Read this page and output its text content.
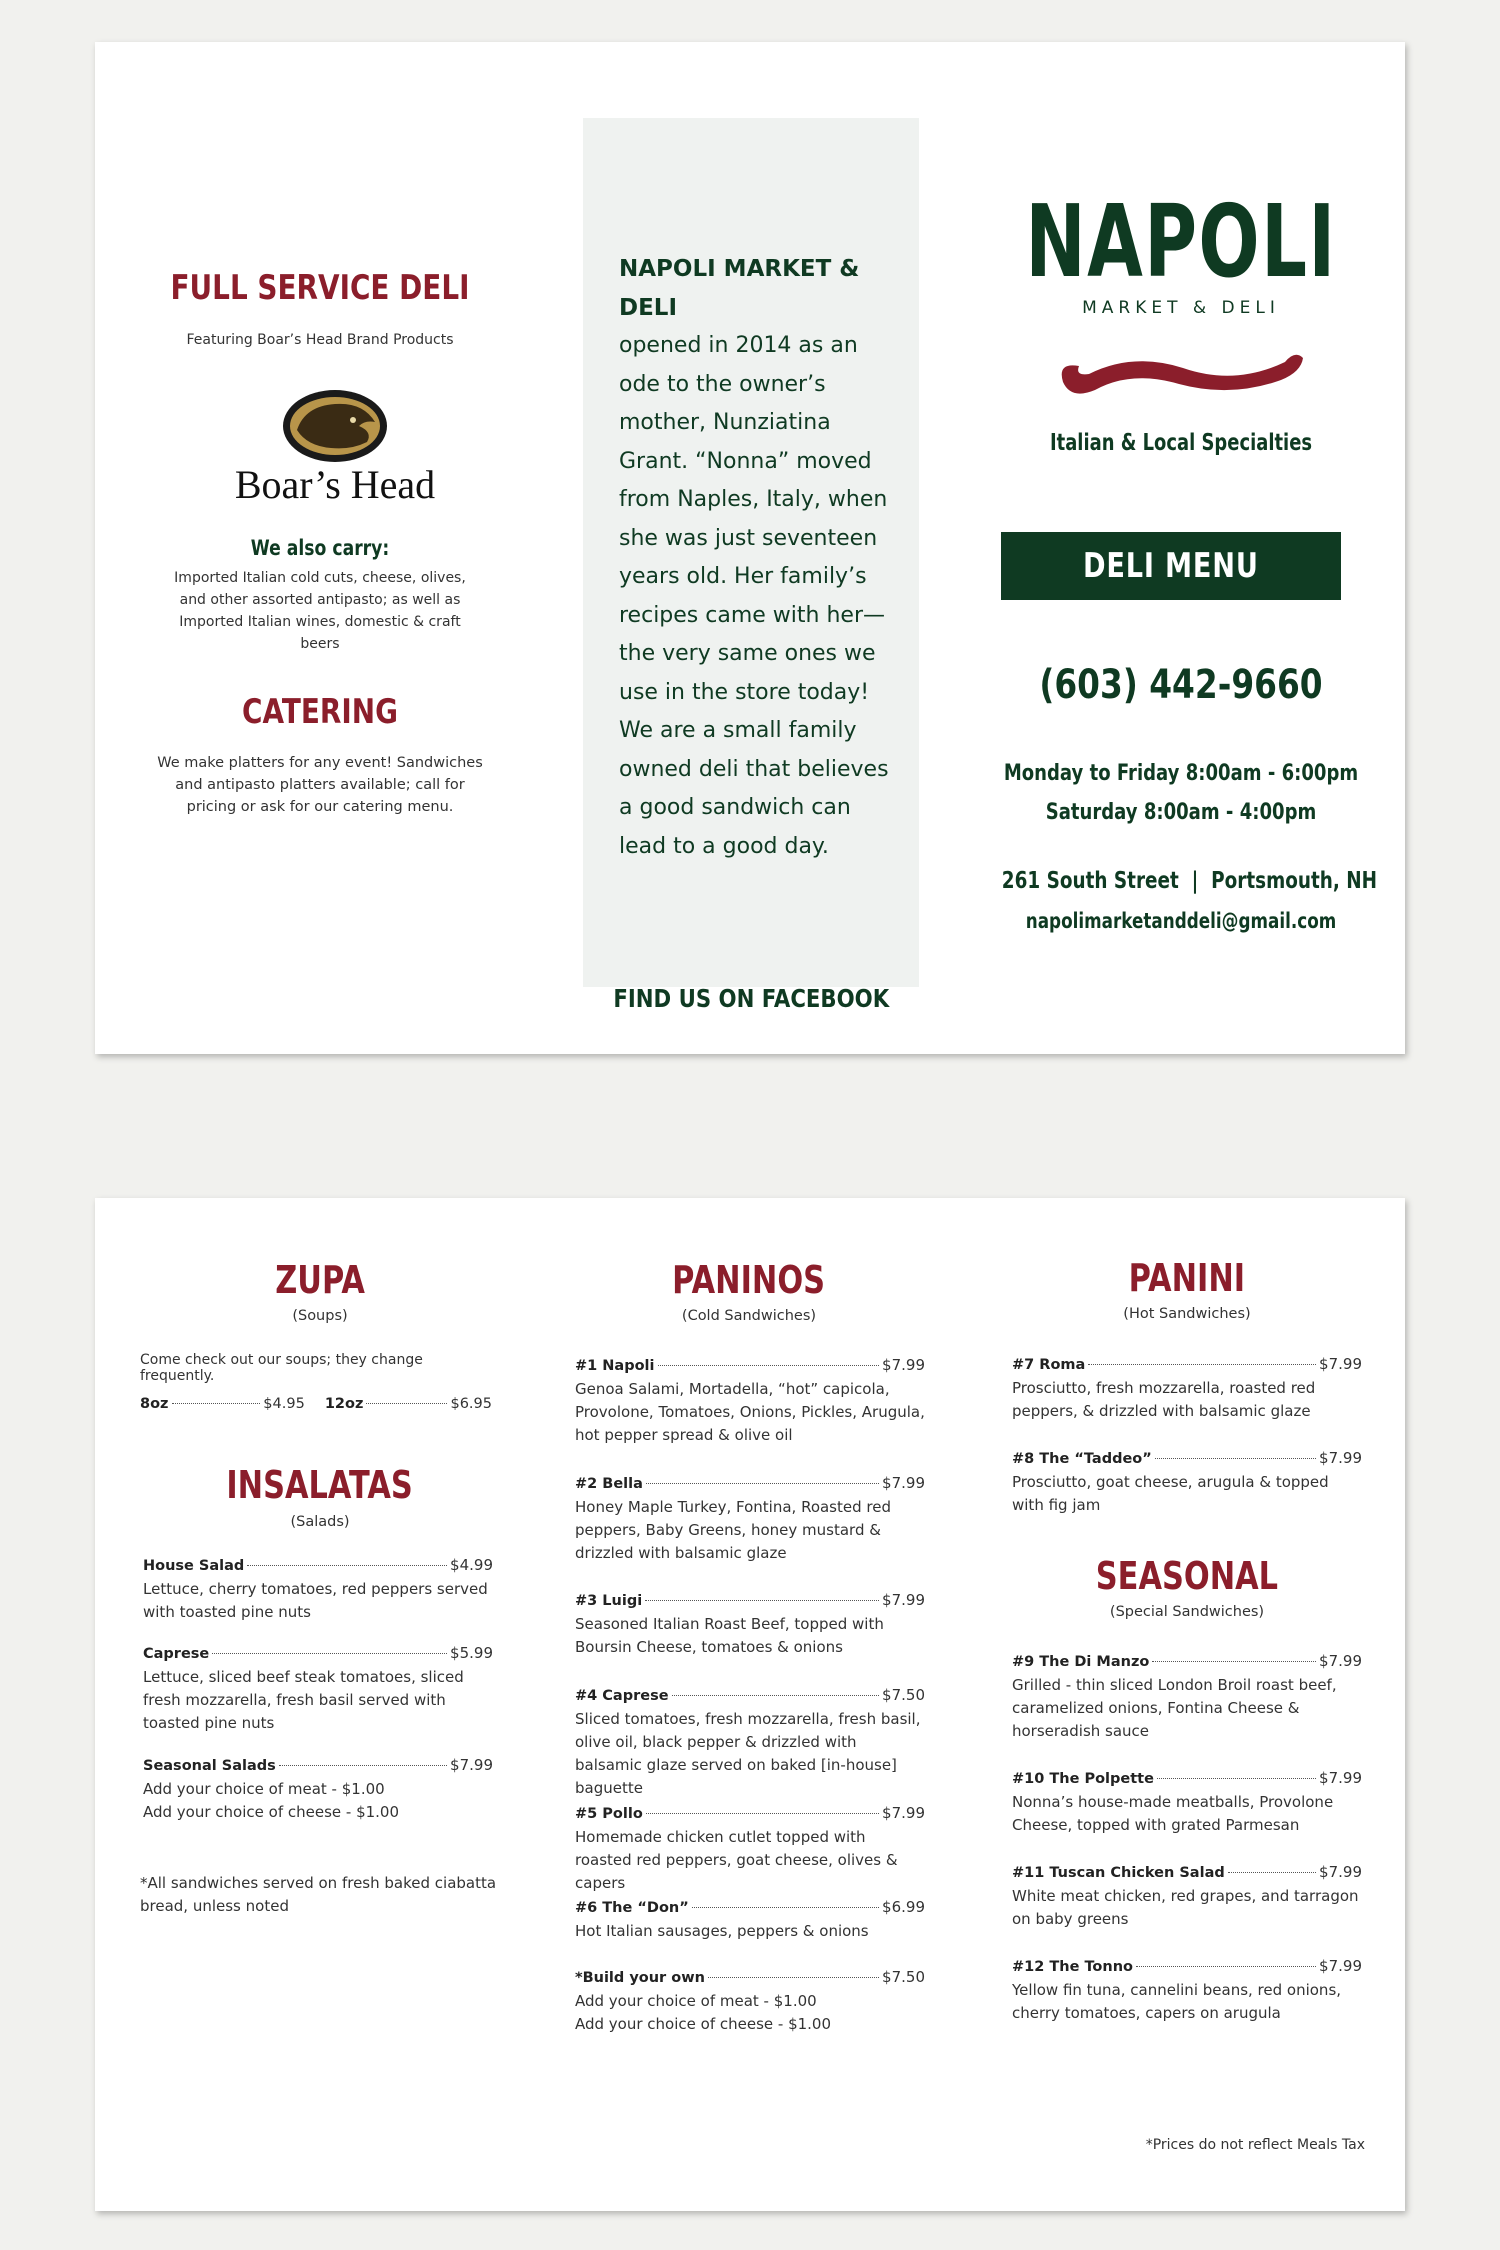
FULL SERVICE DELI
Featuring Boar’s Head Brand Products
Boar’s Head
We also carry:
Imported Italian cold cuts, cheese, olives, and other assorted antipasto; as well as Imported Italian wines, domestic & craft beers
CATERING
We make platters for any event! Sandwiches and antipasto platters available; call for pricing or ask for our catering menu.
NAPOLI MARKET & DELI
opened in 2014 as an ode to the owner’s mother, Nunziatina Grant. “Nonna” moved from Naples, Italy, when she was just seventeen years old. Her family’s recipes came with her—the very same ones we use in the store today! We are a small family owned deli that believes a good sandwich can lead to a good day.
FIND US ON FACEBOOK
NAPOLI
MARKET & DELI
Italian & Local Specialties
DELI MENU
(603) 442-9660
Monday to Friday 8:00am - 6:00pm
Saturday 8:00am - 4:00pm
261 South Street  |  Portsmouth, NH
napolimarketanddeli@gmail.com
ZUPA
(Soups)
Come check out our soups; they change frequently.
8oz	$4.95 12oz	$6.95
INSALATAS
(Salads)
House Salad	$4.99
Lettuce, cherry tomatoes, red peppers served with toasted pine nuts
Caprese	$5.99
Lettuce, sliced beef steak tomatoes, sliced fresh mozzarella, fresh basil served with toasted pine nuts
Seasonal Salads	$7.99
Add your choice of meat - $1.00
Add your choice of cheese - $1.00
*All sandwiches served on fresh baked ciabatta bread, unless noted
PANINOS
(Cold Sandwiches)
#1 Napoli	$7.99
Genoa Salami, Mortadella, “hot” capicola, Provolone, Tomatoes, Onions, Pickles, Arugula, hot pepper spread & olive oil
#2 Bella	$7.99
Honey Maple Turkey, Fontina, Roasted red peppers, Baby Greens, honey mustard & drizzled with balsamic glaze
#3 Luigi	$7.99
Seasoned Italian Roast Beef, topped with Boursin Cheese, tomatoes & onions
#4 Caprese	$7.50
Sliced tomatoes, fresh mozzarella, fresh basil, olive oil, black pepper & drizzled with balsamic glaze served on baked [in-house] baguette
#5 Pollo	$7.99
Homemade chicken cutlet topped with roasted red peppers, goat cheese, olives & capers
#6 The “Don”	$6.99
Hot Italian sausages, peppers & onions
*Build your own	$7.50
Add your choice of meat - $1.00
Add your choice of cheese - $1.00
PANINI
(Hot Sandwiches)
#7 Roma	$7.99
Prosciutto, fresh mozzarella, roasted red peppers, & drizzled with balsamic glaze
#8 The “Taddeo”	$7.99
Prosciutto, goat cheese, arugula & topped with fig jam
SEASONAL
(Special Sandwiches)
#9 The Di Manzo	$7.99
Grilled - thin sliced London Broil roast beef, caramelized onions, Fontina Cheese & horseradish sauce
#10 The Polpette	$7.99
Nonna’s house-made meatballs, Provolone Cheese, topped with grated Parmesan
#11 Tuscan Chicken Salad	$7.99
White meat chicken, red grapes, and tarragon on baby greens
#12 The Tonno	$7.99
Yellow fin tuna, cannelini beans, red onions, cherry tomatoes, capers on arugula
*Prices do not reflect Meals Tax
